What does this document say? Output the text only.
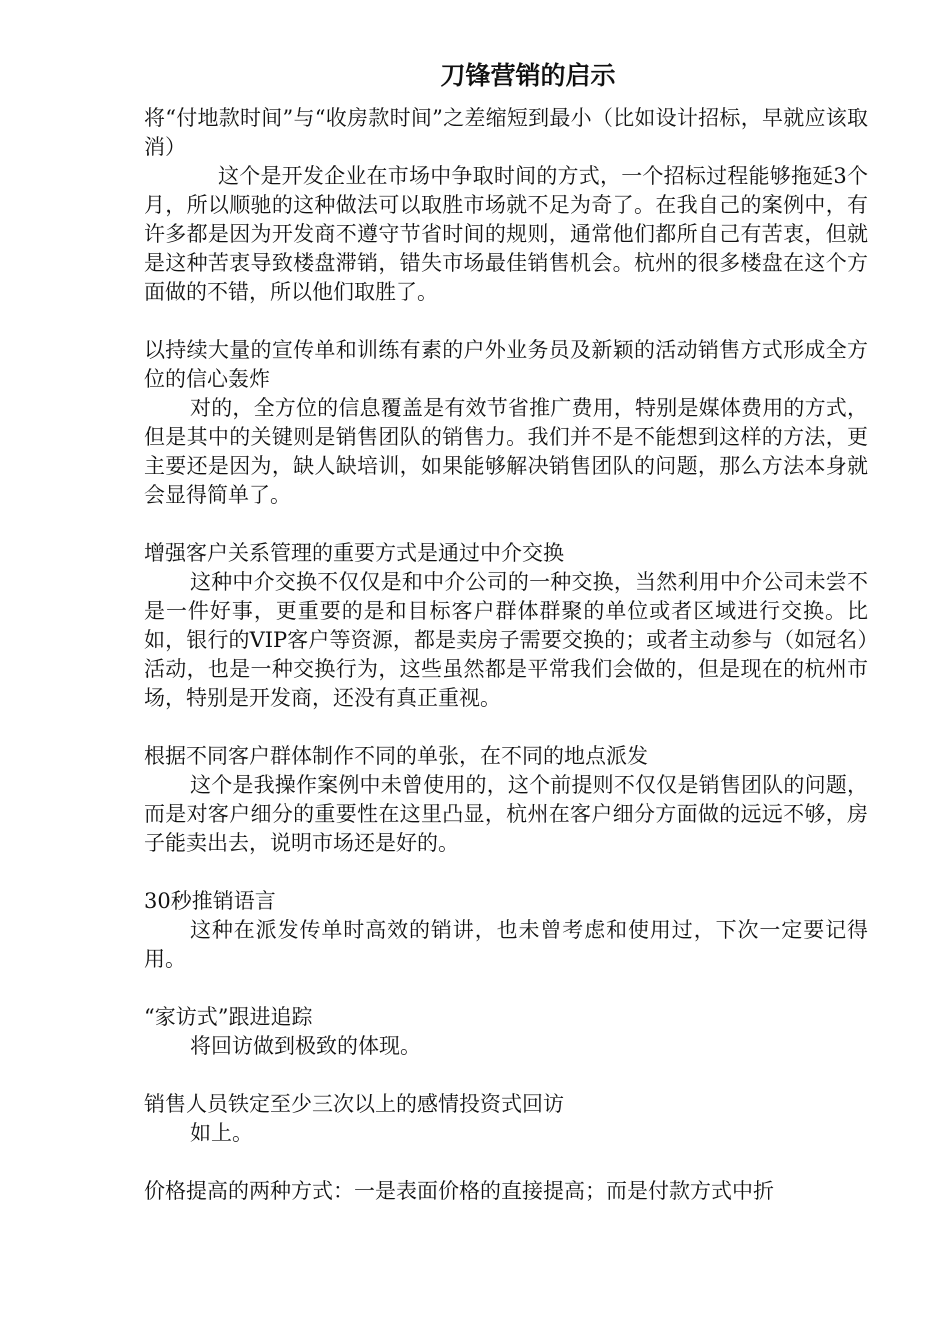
刀锋营销的启示

将“付地款时间”与“收房款时间”之差缩短到最小（比如设计招标，早就应该取消）

这个是开发企业在市场中争取时间的方式，一个招标过程能够拖延3个月，所以顺驰的这种做法可以取胜市场就不足为奇了。在我自己的案例中，有许多都是因为开发商不遵守节省时间的规则，通常他们都所自己有苦衷，但就是这种苦衷导致楼盘滞销，错失市场最佳销售机会。杭州的很多楼盘在这个方面做的不错，所以他们取胜了。

以持续大量的宣传单和训练有素的户外业务员及新颖的活动销售方式形成全方位的信心轰炸

对的，全方位的信息覆盖是有效节省推广费用，特别是媒体费用的方式，但是其中的关键则是销售团队的销售力。我们并不是不能想到这样的方法，更主要还是因为，缺人缺培训，如果能够解决销售团队的问题，那么方法本身就会显得简单了。

增强客户关系管理的重要方式是通过中介交换

这种中介交换不仅仅是和中介公司的一种交换，当然利用中介公司未尝不是一件好事，更重要的是和目标客户群体群聚的单位或者区域进行交换。比如，银行的VIP客户等资源，都是卖房子需要交换的；或者主动参与（如冠名）活动，也是一种交换行为，这些虽然都是平常我们会做的，但是现在的杭州市场，特别是开发商，还没有真正重视。

根据不同客户群体制作不同的单张，在不同的地点派发

这个是我操作案例中未曾使用的，这个前提则不仅仅是销售团队的问题，而是对客户细分的重要性在这里凸显，杭州在客户细分方面做的远远不够，房子能卖出去，说明市场还是好的。

30秒推销语言

这种在派发传单时高效的销讲，也未曾考虑和使用过，下次一定要记得用。

“家访式”跟进追踪

将回访做到极致的体现。

销售人员铁定至少三次以上的感情投资式回访

如上。

价格提高的两种方式：一是表面价格的直接提高；而是付款方式中折
